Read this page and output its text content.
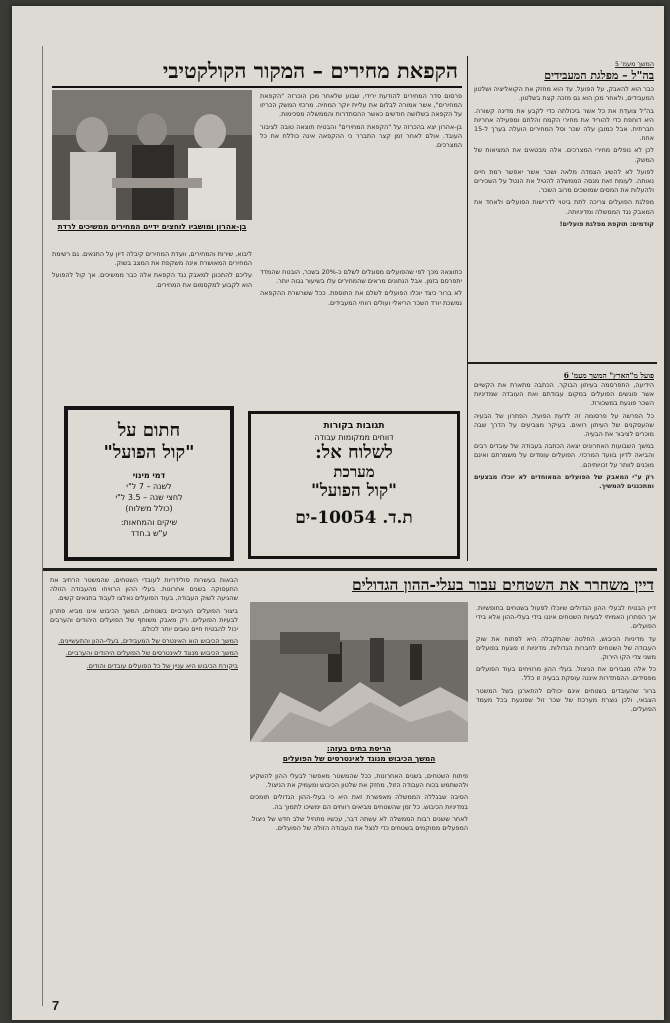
המשך מעמ' 5
בה"ל – מפלגת המעבידים

כבר הוא להאבק, על הפועל. עד הוא מחזק את הקואליציה ושלטון המעבידים, ולאחר מכן הוא גם מזכה קצת בשלטון.

בה"ל צועדת את כל אשר ביכולתה כדי לקבע את מדינה קשורה. היא דוחפת כדי להוריד את מחירי הקמח והלחם ומפעילה אחריות חברתית. אבל כמובן עלה שכר וסל המחירים הועלה בערך ל-15 אחוז.

לכן לא נופלים מחירי המצרכים. אלה מבטאים את המציאות של המשק.

לפועל לא להשיג הצמדה מלאה ושכר אשר יאפשר רמת חיים נאותה. לעומת זאת מנסה הממשלה להטיל את הנטל על השכירים ולהעלות את המסים שמושכים מרוב השכר.

מפלגת הפועלים צריכה לתת ביטוי לדרישות הפועלים ולאחד את המאבק נגד הממשלה ומדיניותה.

קודמים: תוקפת מפלגת פועלים!

פועל מ"הארץ" המשך מעמ' 6

הידיעה, התפרסמה בעיתון הבוקר. הכתבה מתארת את הקשיים אשר פוגשים הפועלים במקום עבודתם ואת העובדה שמדיניות השכר פוגעת במשכורת.

כל הפרשה על פרסומה זה לדעת הפועל, הפתרון של הבעיה שהעסקנים של העיתון רואים. בעיקר מצביעים על הדרך שבה מוכרים לציבור את הבעיה.

במשך השבועות האחרונים יצאה הכתבה בעבודה של עובדים רבים והביאה לדיון בוועד המרכזי. הפועלים עומדים על משמרתם ואינם מוכנים לוותר על זכויותיהם.

רק ע"י המאבק של הפועלים המאוחדים לא יוכלו מבצעים ומתכננים להמשיך.

הקפאת מחירים – המקור הקולקטיבי
בן-אהרון ומושביו לוחצים ידיים המחירים ממשיכים לרדת

פרסום סדר המחירים להודעת ירידי, שבוע שלאחר מכן הוכרזה "הקפאת המחירים", אשר אמורה לבלום את עליית יוקר המחיה. מרכזי המשק הכריזו על הקפאה בשלושה חודשים כאשר ההסתדרות והממשלה מסכימות.

בן-אהרון יצא בהכרזה על "הקפאת המחירים" והבטיח תוצאה טובה לציבור העובד. אולם לאחר זמן קצר התברר כי ההקפאה אינה כוללת את כל המצרכים.

ליבוא, שירות והמחירים, וועדת המחירים קיבלה דיון על התנאים. גם רשימת המחירים המאושרת אינה משקפת את המצב בשוק.

עליכם להתכונן למאבק נגד הקפאת אלה כבר ממשיכים. אך קול להפועל הוא לקבוע למקסמום את המחירים.

כתוצאה מכך לפי שהפועלים מסוגלים לשלם כ-20% בשכר, הובטח שהמדד יתפרסם בזמן. אבל הנתונים מראים שהמחירים עלו בשיעור גבוה יותר.

לא ברור כיצד יוכלו הפועלים לשלם את התוספת. ככל ששרשרת ההקפאה נמשכת יורד השכר הריאלי ועולים רווחי המעבידים.

תגובות בקורות
דווחים ממקומות עבודה
לשלוח אל:
מערכת
"קול הפועל"
ת.ד. 10054-ים
חתום על
"קול הפועל"
דמי מינוי
לשנה – 7 ל"י
לחצי שנה – 3.5 ל"י
(כולל משלוח)
שיקים והמחאות:
ע"ש ג.חדד
דיין משחרר את השטחים עבור בעלי-ההון הגדולים
הריסת בתים בעזה:
המשך הכיבוש מנוגד לאינטרסים של הפועלים

דיין הבטיח לבעלי ההון הגדולים שיוכלו לפעול בשטחים בחופשיות. אך הפתרון האמיתי לבעיות השטחים איננו בידי בעלי-ההון אלא בידי הפועלים.

עד מדיניות הכיבוש, החלטה שהתקבלה היא לפתוח את שוק העבודה של השטחים לחברות הגדולות. מדיניות זו פוגעת בפועלים משני צדי הקו הירוק.

כל אלה מגבירים את הניצול. בעלי ההון מרוויחים בעוד הפועלים מפסידים. ההסתדרות איננה עוסקת בבעיה זו כלל.

ברור שהעובדים בשטחים אינם יכולים להתארגן בשל המשטר הצבאי, ולכן נוצרת מערכת של שכר זול שפוגעת בכל מעמד הפועלים.

פיתוח השטחים, בשנים האחרונות, ככל שהמשטר מאפשר לבעלי ההון להשקיע ולהשתמש בכוח העבודה הזול, מחזק את שלטון הכיבוש ומעמיק את הניצול.

הסיבה שבגללה הממשלה מאפשרת זאת היא כי בעלי-ההון הגדולים תומכים במדיניות הכיבוש. כל זמן שהשטחים מביאים רווחים הם ימשיכו לתמוך בה.

לאחר ששנים רבות הממשלה לא עשתה דבר, עכשיו מתחיל שלב חדש של ניצול. המפעלים ממוקמים בשטחים כדי לנצל את העבודה הזולה של הפועלים.

הבאות בעשרות סולידריות לעובדי השטחים, שהמשטר הרחיב את התעסוקה בשנים אחרונות. בעלי ההון הרוויחו מהעבודה הזולה שהגיעה לשוק העבודה, בעוד הפועלים נאלצו לעבוד בתנאים קשים.

ביצור הפועלים הערביים בשטחים, המשך הכיבוש אינו מביא פתרון לבעיות הפועלים. רק מאבק משותף של הפועלים היהודים והערבים יכול להבטיח חיים טובים יותר לכולם.

המשך הכיבוש הוא האינטרס של המעבידים, בעלי-ההון והתעשיינים.

המשך הכיבוש מנוגד לאינטרסים של הפועלים היהודים והערביים.

ביקורת הכיבוש היא עניין של כל הפועלים עובדים והודים.

7
